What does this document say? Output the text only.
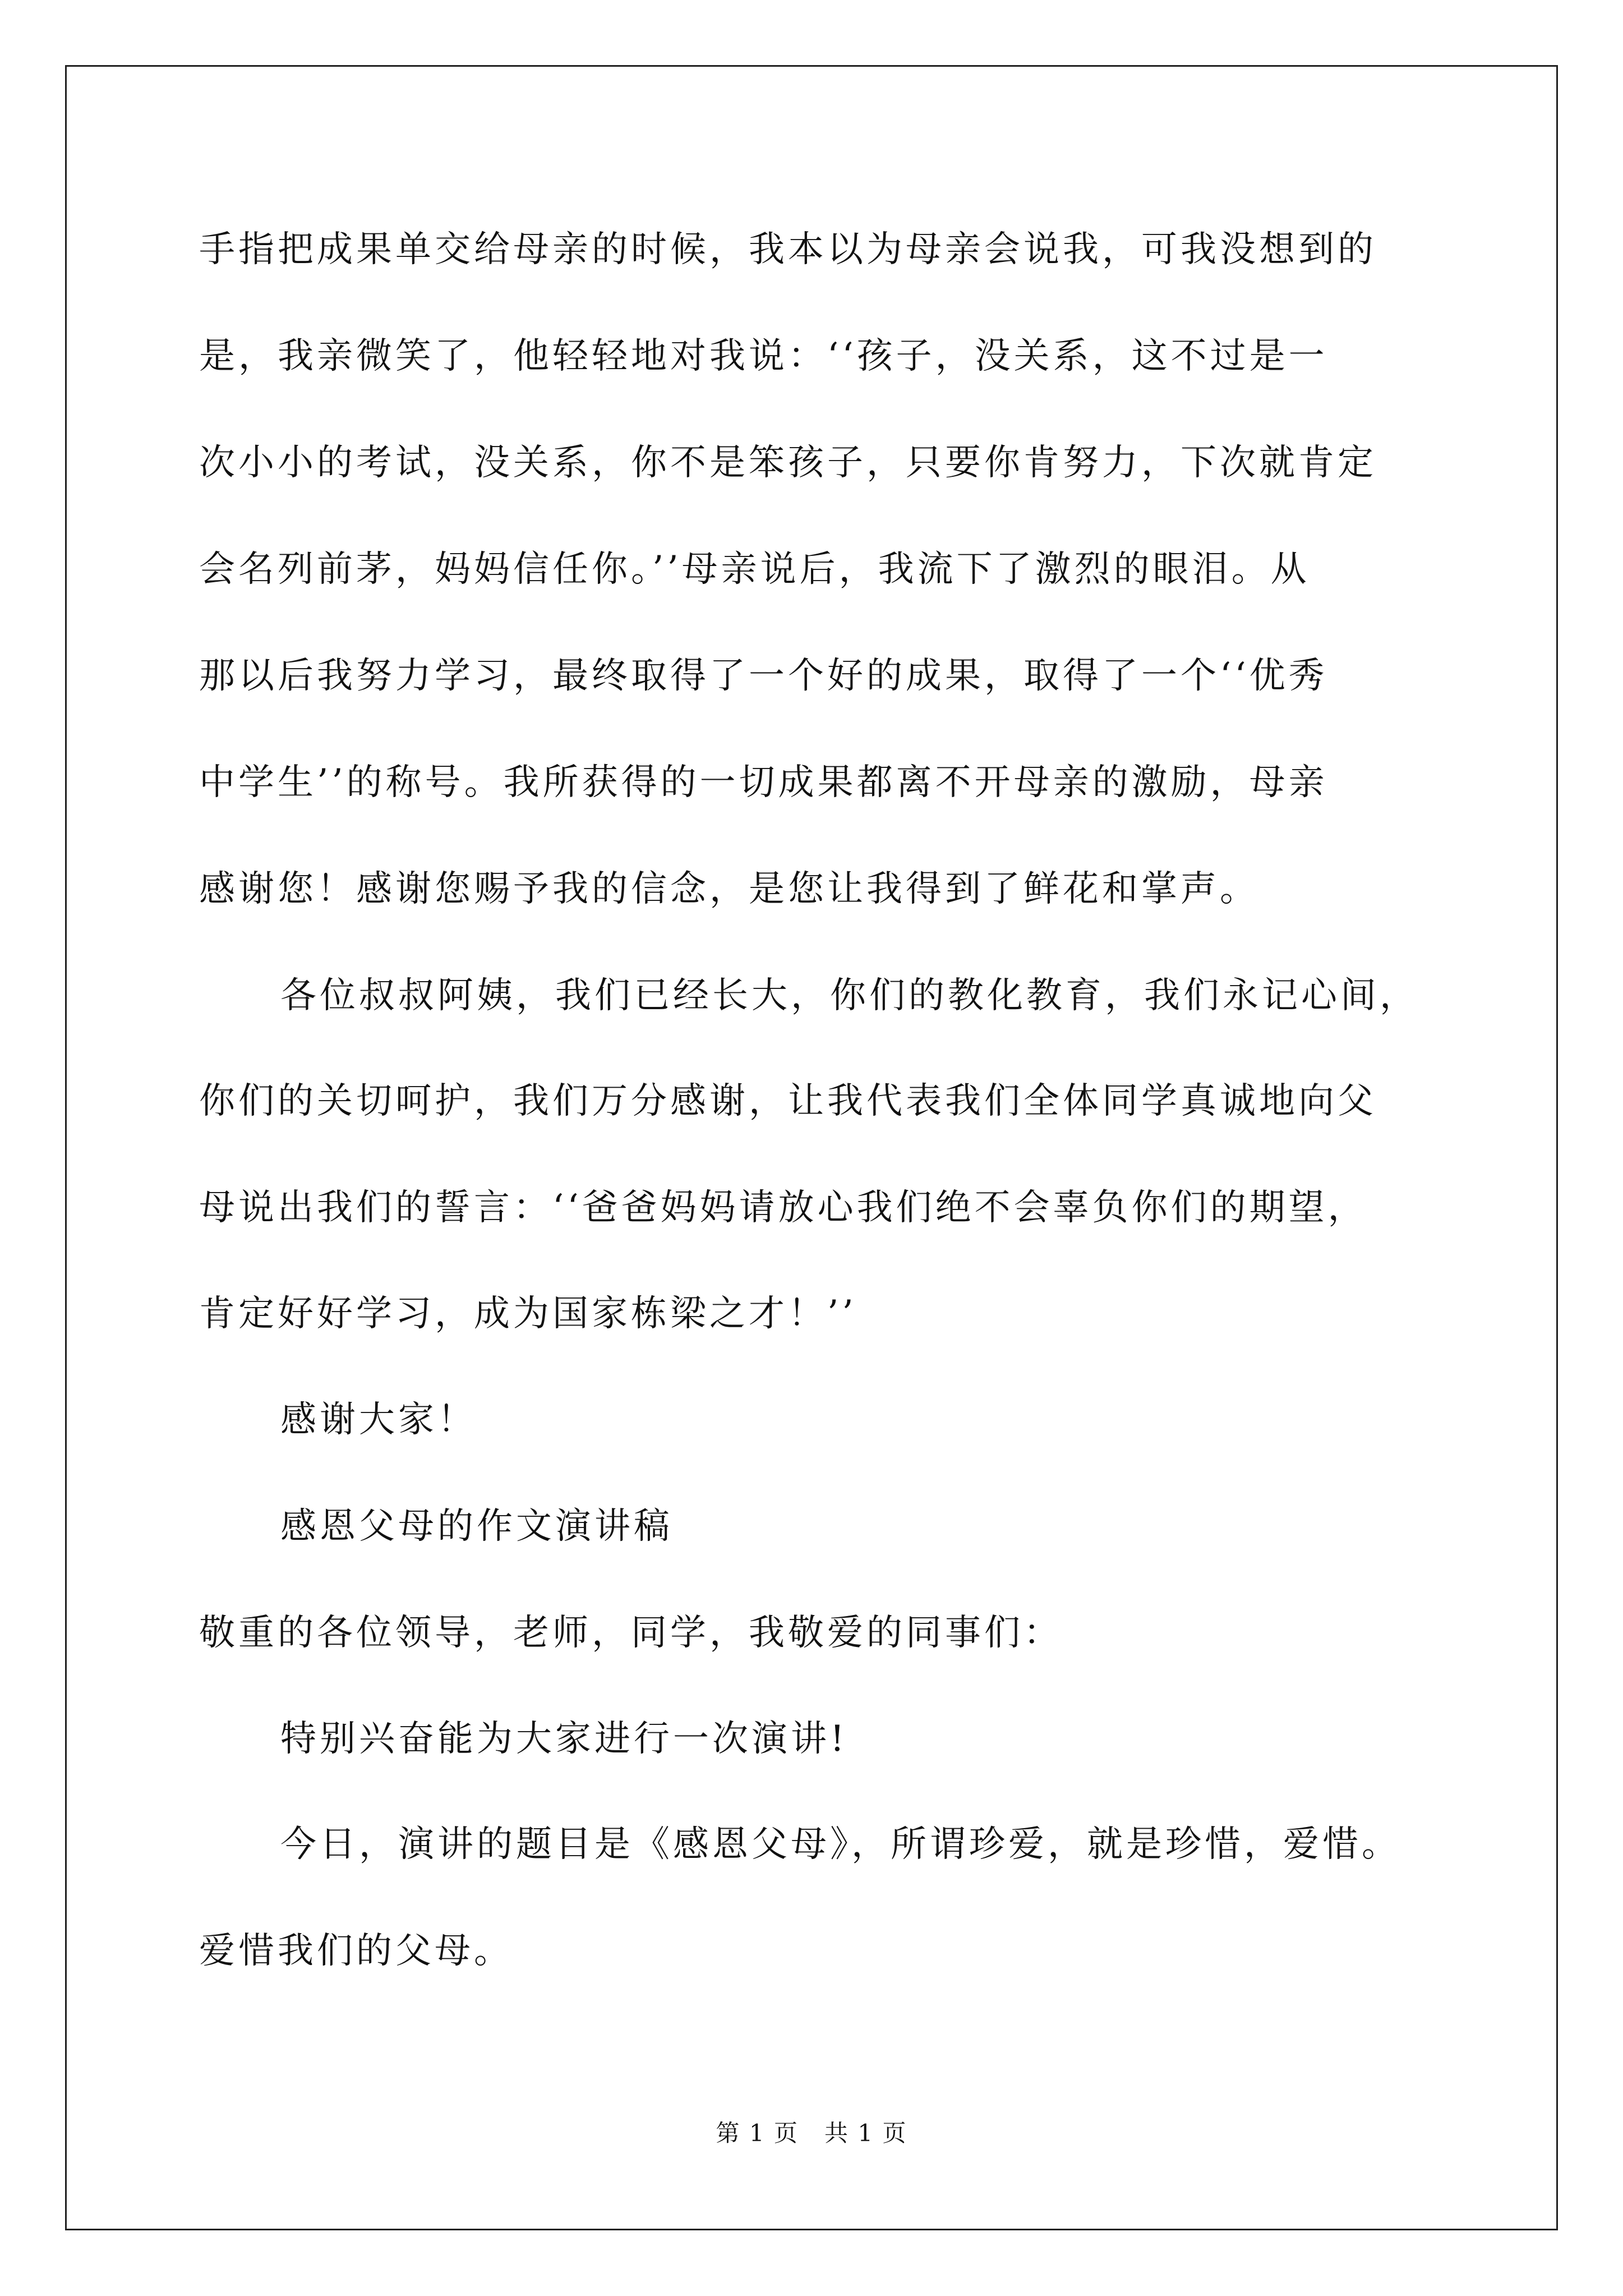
手指把成果单交给母亲的时候，我本以为母亲会说我，可我没想到的
是，我亲微笑了，他轻轻地对我说：‘‘孩子，没关系，这不过是一
次小小的考试，没关系，你不是笨孩子，只要你肯努力，下次就肯定
会名列前茅，妈妈信任你。’’母亲说后，我流下了激烈的眼泪。从
那以后我努力学习，最终取得了一个好的成果，取得了一个‘‘优秀
中学生’’的称号。我所获得的一切成果都离不开母亲的激励，母亲
感谢您！感谢您赐予我的信念，是您让我得到了鲜花和掌声。
各位叔叔阿姨，我们已经长大，你们的教化教育，我们永记心间，
你们的关切呵护，我们万分感谢，让我代表我们全体同学真诚地向父
母说出我们的誓言：‘‘爸爸妈妈请放心我们绝不会辜负你们的期望，
肯定好好学习，成为国家栋梁之才！’’
感谢大家！
感恩父母的作文演讲稿
敬重的各位领导，老师，同学，我敬爱的同事们：
特别兴奋能为大家进行一次演讲!
今日，演讲的题目是《感恩父母》，所谓珍爱，就是珍惜，爱惜。
爱惜我们的父母。
第 1 页   共 1 页
